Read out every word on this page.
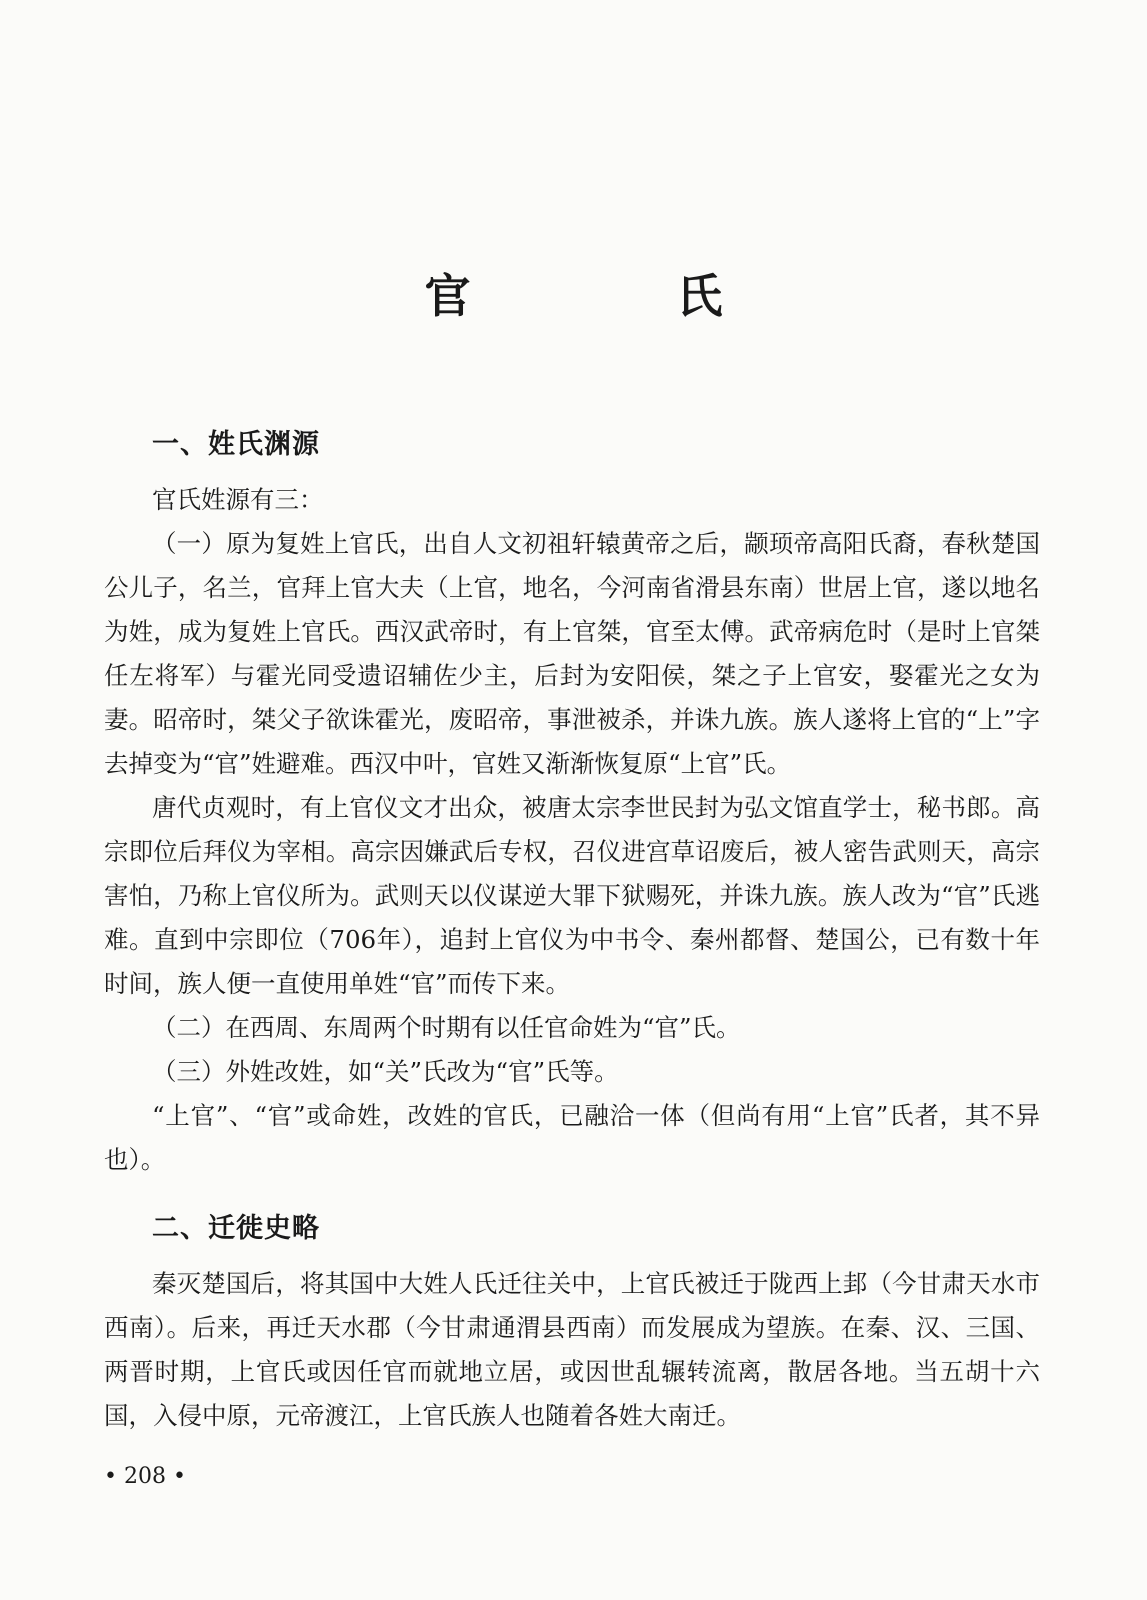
官　氏
一、姓氏渊源

官氏姓源有三：

（一）原为复姓上官氏，出自人文初祖轩辕黄帝之后，颛顼帝高阳氏裔，春秋楚国公儿子，名兰，官拜上官大夫（上官，地名，今河南省滑县东南）世居上官，遂以地名为姓，成为复姓上官氏。西汉武帝时，有上官桀，官至太傅。武帝病危时（是时上官桀任左将军）与霍光同受遗诏辅佐少主，后封为安阳侯，桀之子上官安，娶霍光之女为妻。昭帝时，桀父子欲诛霍光，废昭帝，事泄被杀，并诛九族。族人遂将上官的“上”字去掉变为“官”姓避难。西汉中叶，官姓又渐渐恢复原“上官”氏。

唐代贞观时，有上官仪文才出众，被唐太宗李世民封为弘文馆直学士，秘书郎。高宗即位后拜仪为宰相。高宗因嫌武后专权，召仪进宫草诏废后，被人密告武则天，高宗害怕，乃称上官仪所为。武则天以仪谋逆大罪下狱赐死，并诛九族。族人改为“官”氏逃难。直到中宗即位（706年），追封上官仪为中书令、秦州都督、楚国公，已有数十年时间，族人便一直使用单姓“官”而传下来。

（二）在西周、东周两个时期有以任官命姓为“官”氏。

（三）外姓改姓，如“关”氏改为“官”氏等。

“上官”、“官”或命姓，改姓的官氏，已融洽一体（但尚有用“上官”氏者，其不异也）。

二、迁徙史略

秦灭楚国后，将其国中大姓人氏迁往关中，上官氏被迁于陇西上邽（今甘肃天水市西南）。后来，再迁天水郡（今甘肃通渭县西南）而发展成为望族。在秦、汉、三国、两晋时期，上官氏或因任官而就地立居，或因世乱辗转流离，散居各地。当五胡十六国，入侵中原，元帝渡江，上官氏族人也随着各姓大南迁。

• 208 •
